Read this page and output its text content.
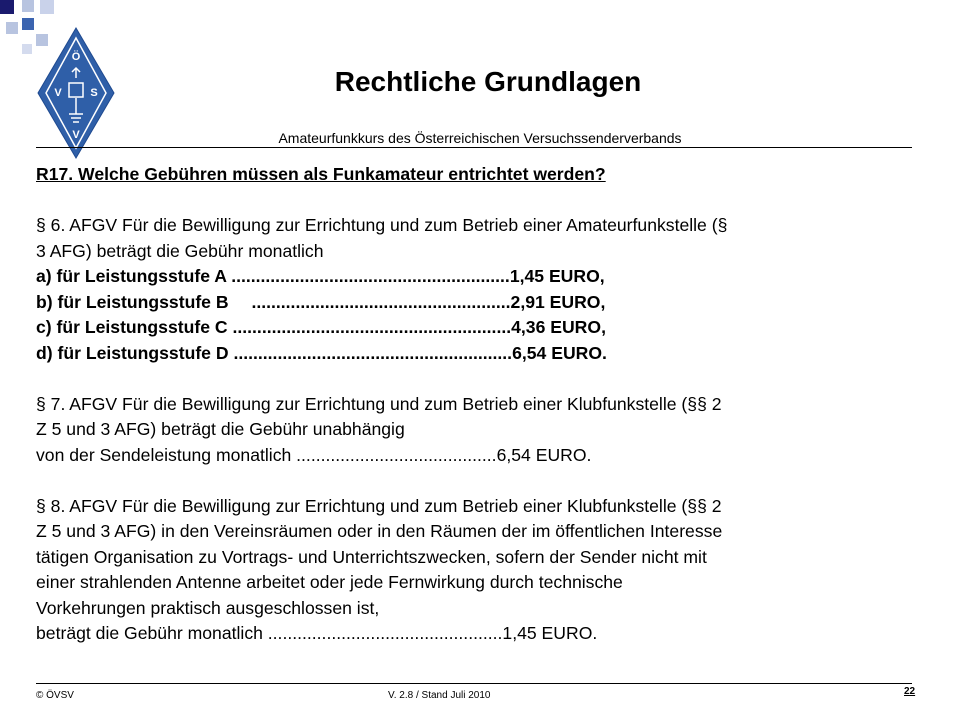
Ö
V	S
V
Rechtliche Grundlagen
Amateurfunkkurs des Österreichischen Versuchssenderverbands
R17. Welche Gebühren müssen als Funkamateur entrichtet werden?
§ 6. AFGV Für die Bewilligung zur Errichtung und zum Betrieb einer Amateurfunkstelle (§
3 AFG) beträgt die Gebühr monatlich
a) für Leistungsstufe A .........................................................1,45 EURO,
b) für Leistungsstufe B .....................................................2,91 EURO,
c) für Leistungsstufe C .........................................................4,36 EURO,
d) für Leistungsstufe D .........................................................6,54 EURO.
§ 7. AFGV Für die Bewilligung zur Errichtung und zum Betrieb einer Klubfunkstelle (§§ 2
Z 5 und 3 AFG) beträgt die Gebühr unabhängig
von der Sendeleistung monatlich .........................................6,54 EURO.
§ 8. AFGV Für die Bewilligung zur Errichtung und zum Betrieb einer Klubfunkstelle (§§ 2
Z 5 und 3 AFG) in den Vereinsräumen oder in den Räumen der im öffentlichen Interesse
tätigen Organisation zu Vortrags- und Unterrichtszwecken, sofern der Sender nicht mit
einer strahlenden Antenne arbeitet oder jede Fernwirkung durch technische
Vorkehrungen praktisch ausgeschlossen ist,
beträgt die Gebühr monatlich ................................................1,45 EURO.
© ÖVSV	V. 2.8 / Stand Juli 2010	22
